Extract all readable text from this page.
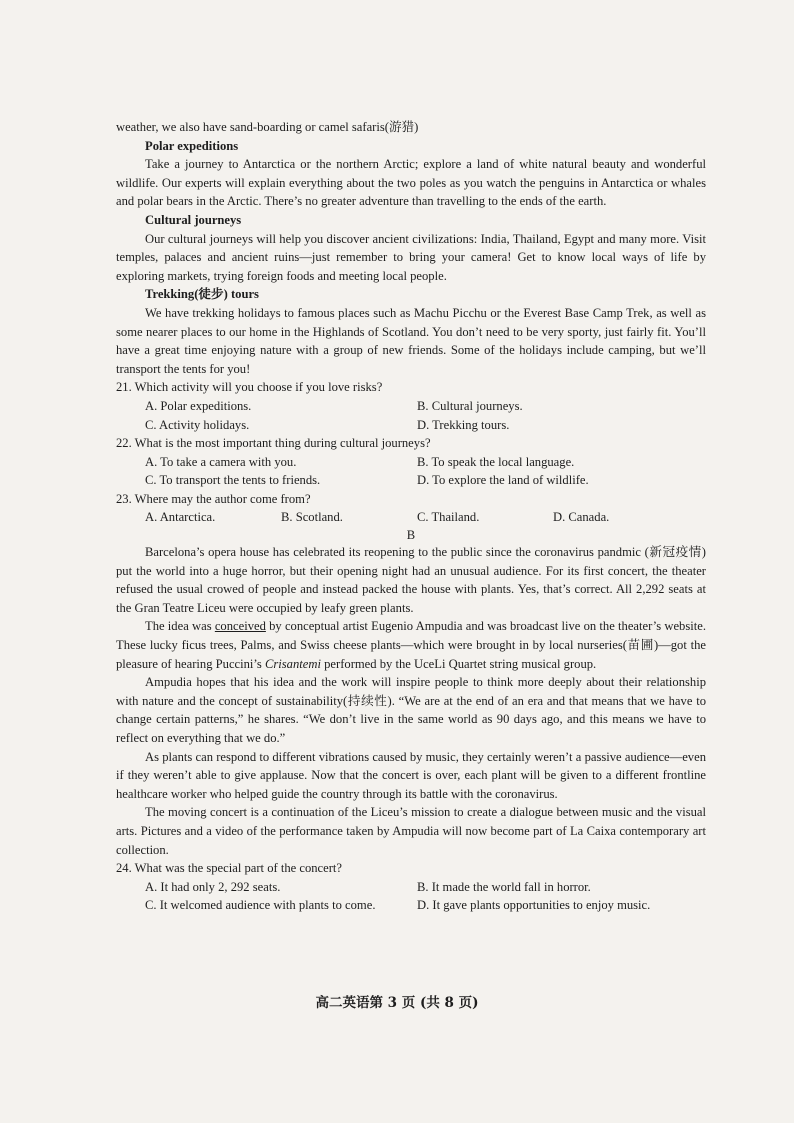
weather, we also have sand-boarding or camel safaris(游猎)

Polar expeditions

Take a journey to Antarctica or the northern Arctic; explore a land of white natural beauty and wonderful wildlife. Our experts will explain everything about the two poles as you watch the penguins in Antarctica or whales and polar bears in the Arctic. There’s no greater adventure than travelling to the ends of the earth.

Cultural journeys

Our cultural journeys will help you discover ancient civilizations: India, Thailand, Egypt and many more. Visit temples, palaces and ancient ruins—just remember to bring your camera! Get to know local ways of life by exploring markets, trying foreign foods and meeting local people.

Trekking(徒步) tours

We have trekking holidays to famous places such as Machu Picchu or the Everest Base Camp Trek, as well as some nearer places to our home in the Highlands of Scotland. You don’t need to be very sporty, just fairly fit. You’ll have a great time enjoying nature with a group of new friends. Some of the holidays include camping, but we’ll transport the tents for you!

21. Which activity will you choose if you love risks?

A. Polar expeditions.	B. Cultural journeys.
C. Activity holidays.	D. Trekking tours.

22. What is the most important thing during cultural journeys?

A. To take a camera with you.	B. To speak the local language.
C. To transport the tents to friends.	D. To explore the land of wildlife.

23. Where may the author come from?

A. Antarctica.	B. Scotland.	C. Thailand.	D. Canada.

B

Barcelona’s opera house has celebrated its reopening to the public since the coronavirus pandmic (新冠疫情) put the world into a huge horror, but their opening night had an unusual audience. For its first concert, the theater refused the usual crowed of people and instead packed the house with plants. Yes, that’s correct. All 2,292 seats at the Gran Teatre Liceu were occupied by leafy green plants.

The idea was conceived by conceptual artist Eugenio Ampudia and was broadcast live on the theater’s website. These lucky ficus trees, Palms, and Swiss cheese plants—which were brought in by local nurseries(苗圃)—got the pleasure of hearing Puccini’s Crisantemi performed by the UceLi Quartet string musical group.

Ampudia hopes that his idea and the work will inspire people to think more deeply about their relationship with nature and the concept of sustainability(持续性). “We are at the end of an era and that means that we have to change certain patterns,” he shares. “We don’t live in the same world as 90 days ago, and this means we have to reflect on everything that we do.”

As plants can respond to different vibrations caused by music, they certainly weren’t a passive audience—even if they weren’t able to give applause. Now that the concert is over, each plant will be given to a different frontline healthcare worker who helped guide the country through its battle with the coronavirus.

The moving concert is a continuation of the Liceu’s mission to create a dialogue between music and the visual arts. Pictures and a video of the performance taken by Ampudia will now become part of La Caixa contemporary art collection.

24. What was the special part of the concert?

A. It had only 2, 292 seats.	B. It made the world fall in horror.
C. It welcomed audience with plants to come.	D. It gave plants opportunities to enjoy music.
高二英语第 3 页 (共 8 页)
